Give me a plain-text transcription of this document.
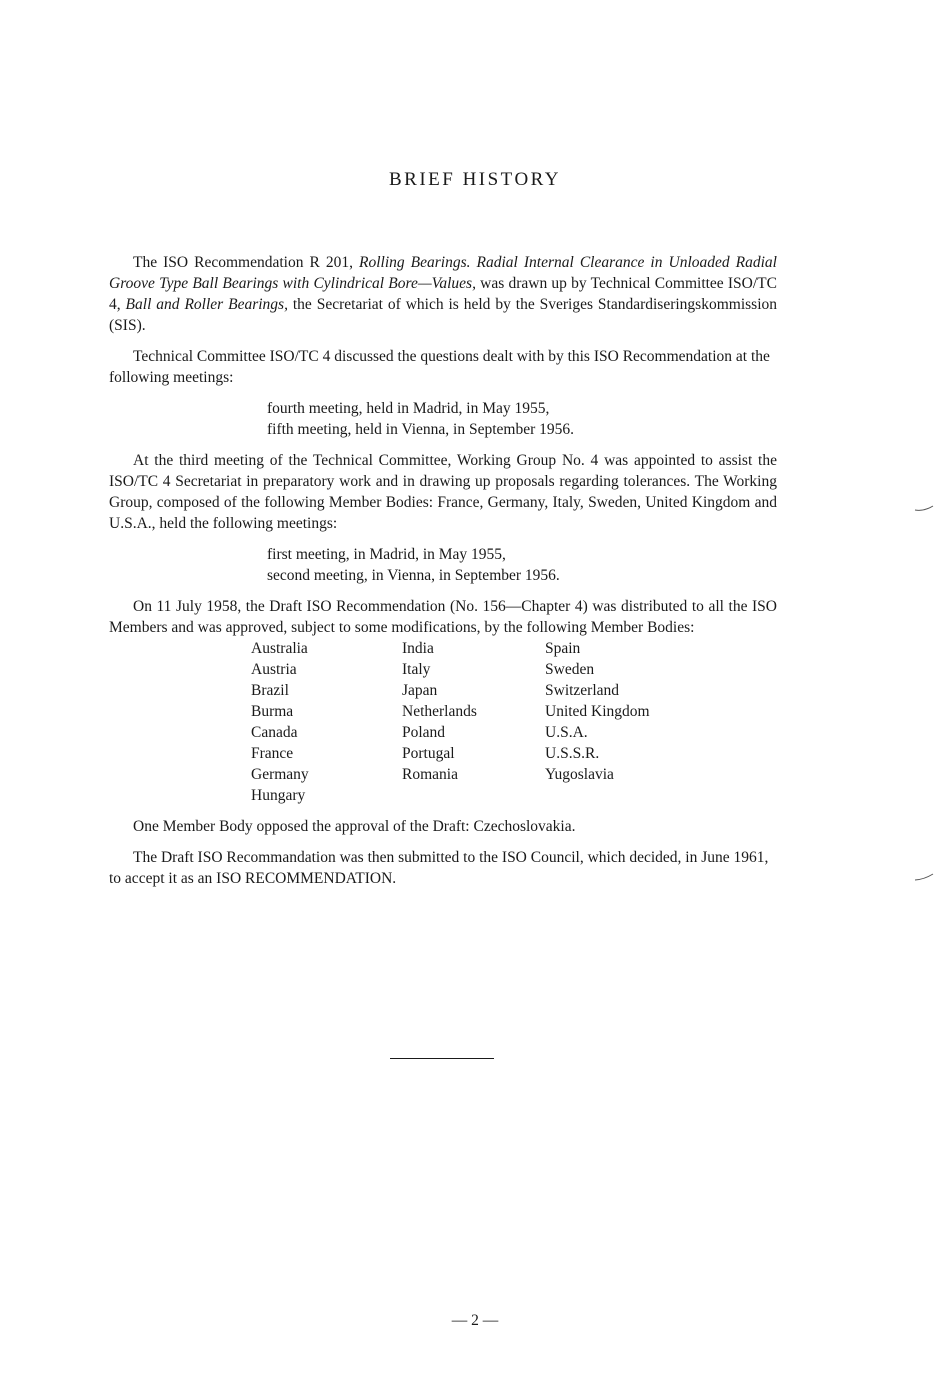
BRIEF HISTORY

The ISO Recommendation R 201, Rolling Bearings. Radial Internal Clearance in Unloaded Radial Groove Type Ball Bearings with Cylindrical Bore—Values, was drawn up by Technical Committee ISO/TC 4, Ball and Roller Bearings, the Secretariat of which is held by the Sveriges Standardiseringskommission (SIS).

Technical Committee ISO/TC 4 discussed the questions dealt with by this ISO Recommendation at the following meetings:

fourth meeting, held in Madrid, in May 1955,
fifth meeting, held in Vienna, in September 1956.

At the third meeting of the Technical Committee, Working Group No. 4 was appointed to assist the ISO/TC 4 Secretariat in preparatory work and in drawing up proposals regarding tolerances. The Working Group, composed of the following Member Bodies: France, Germany, Italy, Sweden, United Kingdom and U.S.A., held the following meetings:

first meeting, in Madrid, in May 1955,
second meeting, in Vienna, in September 1956.

On 11 July 1958, the Draft ISO Recommendation (No. 156—Chapter 4) was distributed to all the ISO Members and was approved, subject to some modifications, by the following Member Bodies:

Australia
Austria
Brazil
Burma
Canada
France
Germany
Hungary
India
Italy
Japan
Netherlands
Poland
Portugal
Romania
Spain
Sweden
Switzerland
United Kingdom
U.S.A.
U.S.S.R.
Yugoslavia

One Member Body opposed the approval of the Draft: Czechoslovakia.

The Draft ISO Recommandation was then submitted to the ISO Council, which decided, in June 1961, to accept it as an ISO RECOMMENDATION.

— 2 —
